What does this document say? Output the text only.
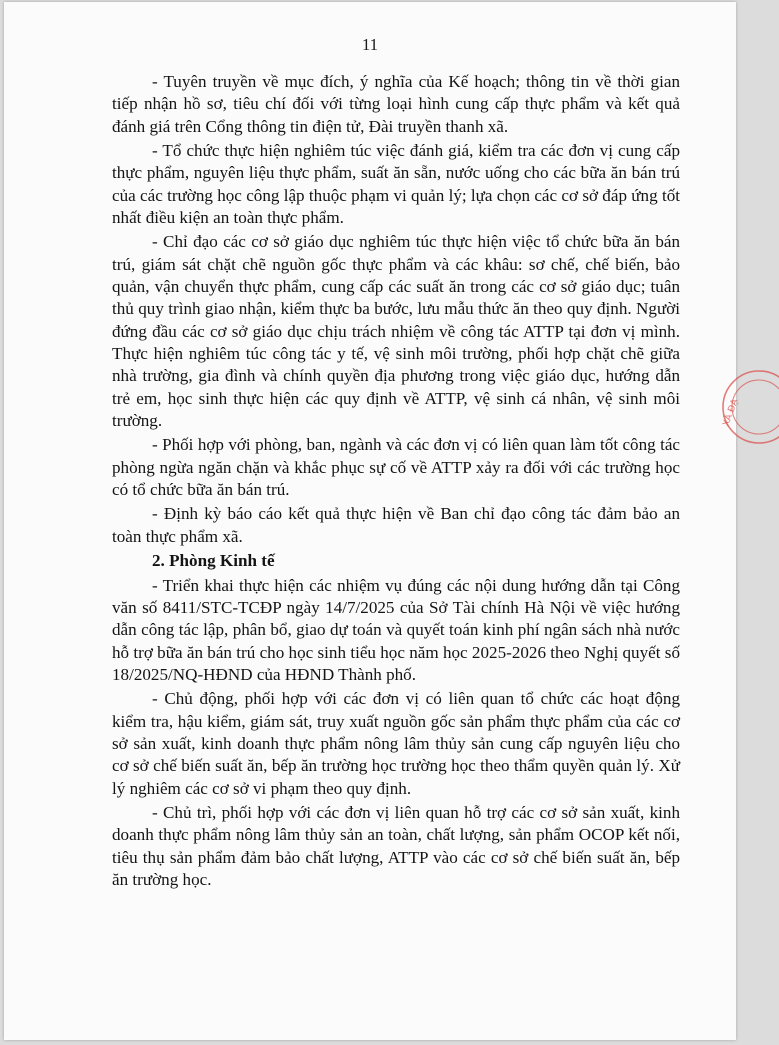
11

- Tuyên truyền về mục đích, ý nghĩa của Kế hoạch; thông tin về thời gian tiếp nhận hồ sơ, tiêu chí đối với từng loại hình cung cấp thực phẩm và kết quả đánh giá trên Cổng thông tin điện tử, Đài truyền thanh xã.

- Tổ chức thực hiện nghiêm túc việc đánh giá, kiểm tra các đơn vị cung cấp thực phẩm, nguyên liệu thực phẩm, suất ăn sẵn, nước uống cho các bữa ăn bán trú của các trường học công lập thuộc phạm vi quản lý; lựa chọn các cơ sở đáp ứng tốt nhất điều kiện an toàn thực phẩm.

- Chỉ đạo các cơ sở giáo dục nghiêm túc thực hiện việc tổ chức bữa ăn bán trú, giám sát chặt chẽ nguồn gốc thực phẩm và các khâu: sơ chế, chế biến, bảo quản, vận chuyển thực phẩm, cung cấp các suất ăn trong các cơ sở giáo dục; tuân thủ quy trình giao nhận, kiểm thực ba bước, lưu mẫu thức ăn theo quy định. Người đứng đầu các cơ sở giáo dục chịu trách nhiệm về công tác ATTP tại đơn vị mình. Thực hiện nghiêm túc công tác y tế, vệ sinh môi trường, phối hợp chặt chẽ giữa nhà trường, gia đình và chính quyền địa phương trong việc giáo dục, hướng dẫn trẻ em, học sinh thực hiện các quy định về ATTP, vệ sinh cá nhân, vệ sinh môi trường.

- Phối hợp với phòng, ban, ngành và các đơn vị có liên quan làm tốt công tác phòng ngừa ngăn chặn và khắc phục sự cố về ATTP xảy ra đối với các trường học có tổ chức bữa ăn bán trú.

- Định kỳ báo cáo kết quả thực hiện về Ban chỉ đạo công tác đảm bảo an toàn thực phẩm xã.

2. Phòng Kinh tế

- Triển khai thực hiện các nhiệm vụ đúng các nội dung hướng dẫn tại Công văn số 8411/STC-TCĐP ngày 14/7/2025 của Sở Tài chính Hà Nội về việc hướng dẫn công tác lập, phân bổ, giao dự toán và quyết toán kinh phí ngân sách nhà nước hỗ trợ bữa ăn bán trú cho học sinh tiểu học năm học 2025-2026 theo Nghị quyết số 18/2025/NQ-HĐND của HĐND Thành phố.

- Chủ động, phối hợp với các đơn vị có liên quan tổ chức các hoạt động kiểm tra, hậu kiểm, giám sát, truy xuất nguồn gốc sản phẩm thực phẩm của các cơ sở sản xuất, kinh doanh thực phẩm nông lâm thủy sản cung cấp nguyên liệu cho cơ sở chế biến suất ăn, bếp ăn trường học trường học theo thẩm quyền quản lý. Xử lý nghiêm các cơ sở vi phạm theo quy định.

- Chủ trì, phối hợp với các đơn vị liên quan hỗ trợ các cơ sở sản xuất, kinh doanh thực phẩm nông lâm thủy sản an toàn, chất lượng, sản phẩm OCOP kết nối, tiêu thụ sản phẩm đảm bảo chất lượng, ATTP vào các cơ sở chế biến suất ăn, bếp ăn trường học.

XÃ ĐẠ
